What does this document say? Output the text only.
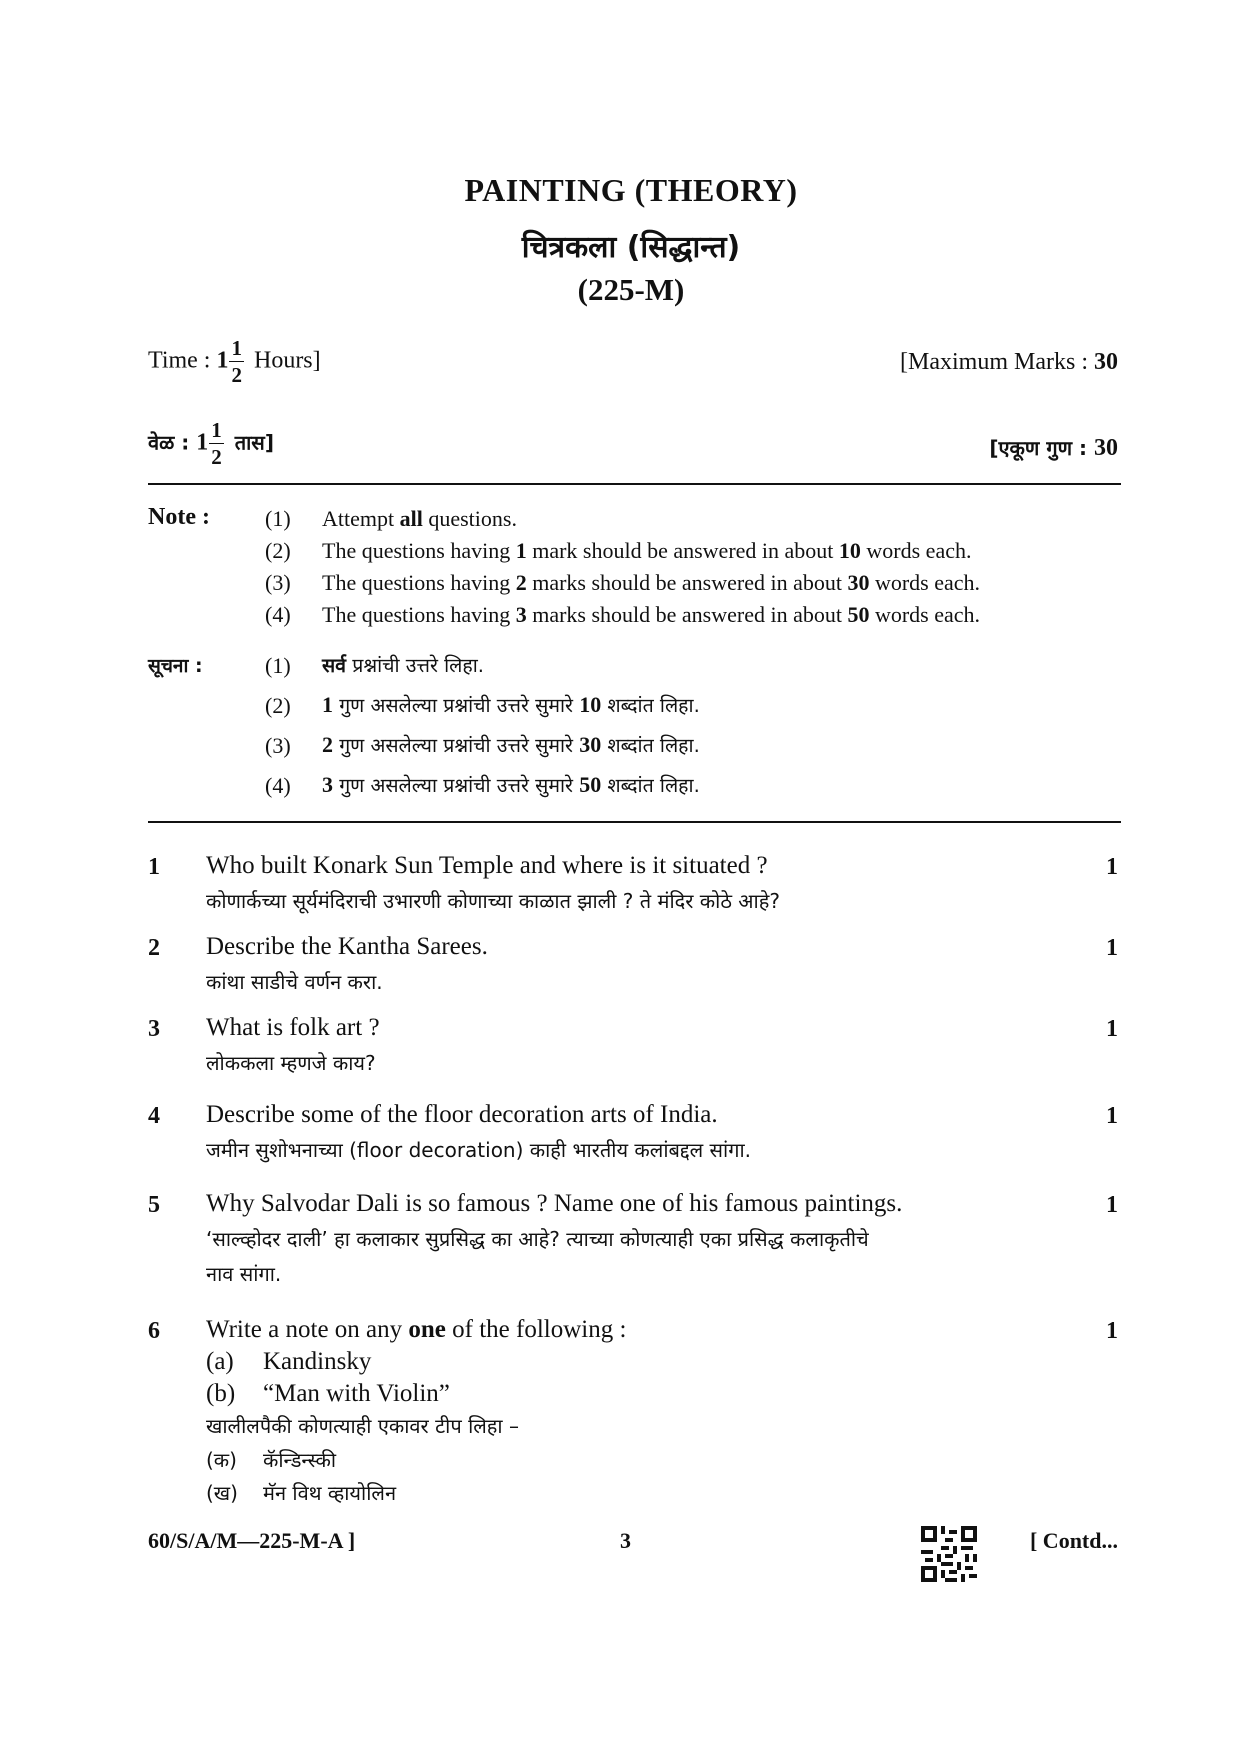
PAINTING (THEORY)
चित्रकला (सिद्धान्त)
(225-M)
Time : $1 \frac{1}{2}$ Hours]	[Maximum Marks : 30
वेळ : $1 \frac{1}{2}$ तास]	[एकूण गुण : 30
Note :	(1) Attempt all questions.
(2) The questions having 1 mark should be answered in about 10 words each.
(3) The questions having 2 marks should be answered in about 30 words each.
(4) The questions having 3 marks should be answered in about 50 words each.
सूचना :	(1) सर्व प्रश्नांची उत्तरे लिहा.
(2) 1 गुण असलेल्या प्रश्नांची उत्तरे सुमारे 10 शब्दांत लिहा.
(3) 2 गुण असलेल्या प्रश्नांची उत्तरे सुमारे 30 शब्दांत लिहा.
(4) 3 गुण असलेल्या प्रश्नांची उत्तरे सुमारे 50 शब्दांत लिहा.
1 Who built Konark Sun Temple and where is it situated ?	1
कोणार्कच्या सूर्यमंदिराची उभारणी कोणाच्या काळात झाली ? ते मंदिर कोठे आहे?
2 Describe the Kantha Sarees.	1
कांथा साडीचे वर्णन करा.
3 What is folk art ?	1
लोककला म्हणजे काय?
4 Describe some of the floor decoration arts of India.	1
जमीन सुशोभनाच्या (floor decoration) काही भारतीय कलांबद्दल सांगा.
5 Why Salvodar Dali is so famous ? Name one of his famous paintings.	1
‘साल्व्होदर दाली’ हा कलाकार सुप्रसिद्ध का आहे? त्याच्या कोणत्याही एका प्रसिद्ध कलाकृतीचे
नाव सांगा.
6 Write a note on any one of the following :	1
(a) Kandinsky
(b) “Man with Violin”
खालीलपैकी कोणत्याही एकावर टीप लिहा –
(क) कॅन्डिन्स्की
(ख) मॅन विथ व्हायोलिन
60/S/A/M—225-M-A ]	3	[ Contd...
